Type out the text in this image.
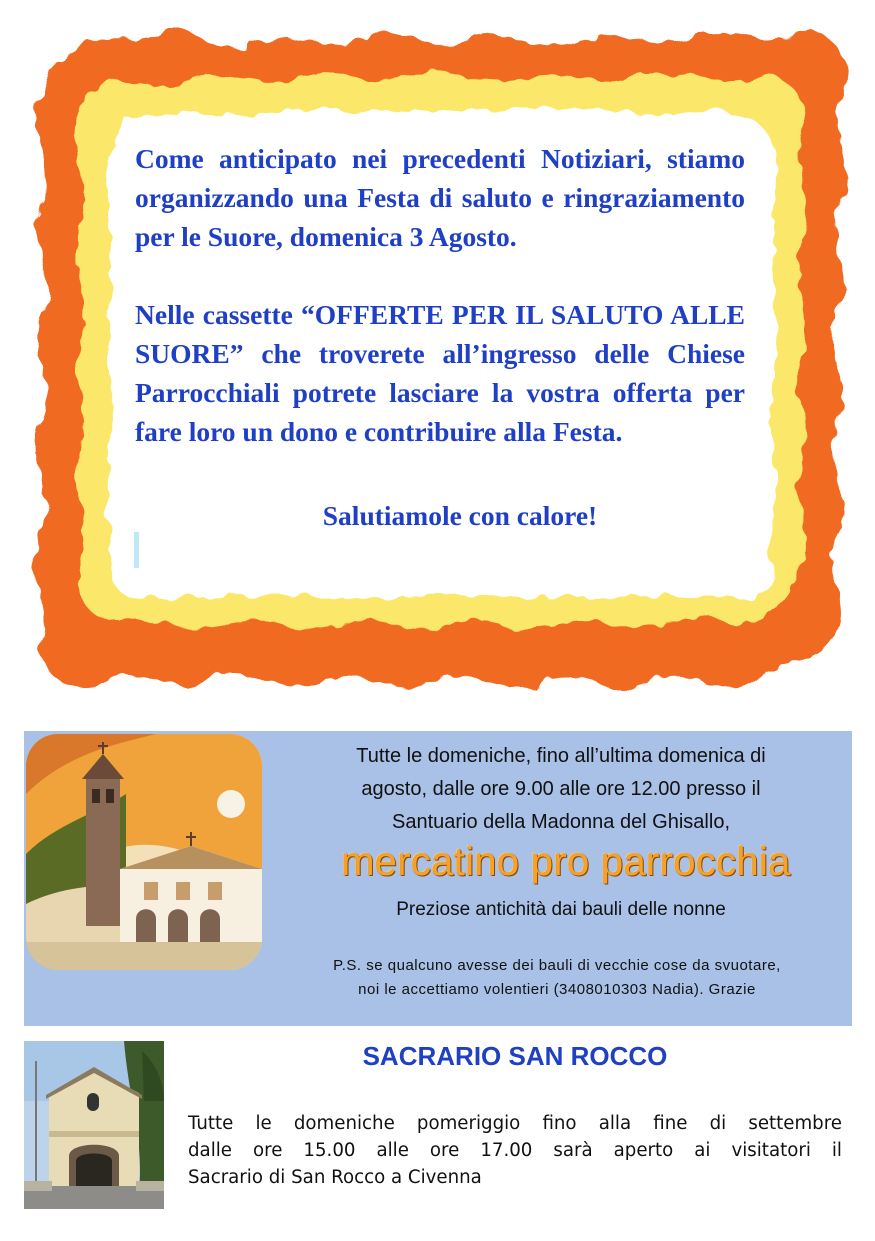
Come anticipato nei precedenti Notiziari, stiamo organizzando una Festa di saluto e ringraziamento per le Suore, domenica 3 Agosto.

Nelle cassette “OFFERTE PER IL SALUTO ALLE SUORE” che troverete all’ingresso delle Chiese Parrocchiali potrete lasciare la vostra offerta per fare loro un dono e contribuire alla Festa.

Salutiamole con calore!

Tutte le domeniche, fino all’ultima domenica di
agosto, dalle ore 9.00 alle ore 12.00 presso il
Santuario della Madonna del Ghisallo,
mercatino pro parrocchia
Preziose antichità dai bauli delle nonne
P.S. se qualcuno avesse dei bauli di vecchie cose da svuotare,
noi le accettiamo volentieri (3408010303 Nadia). Grazie
SACRARIO SAN ROCCO
Tutte le domeniche pomeriggio fino alla fine di settembre
dalle ore 15.00 alle ore 17.00 sarà aperto ai visitatori il
Sacrario di San Rocco a Civenna
